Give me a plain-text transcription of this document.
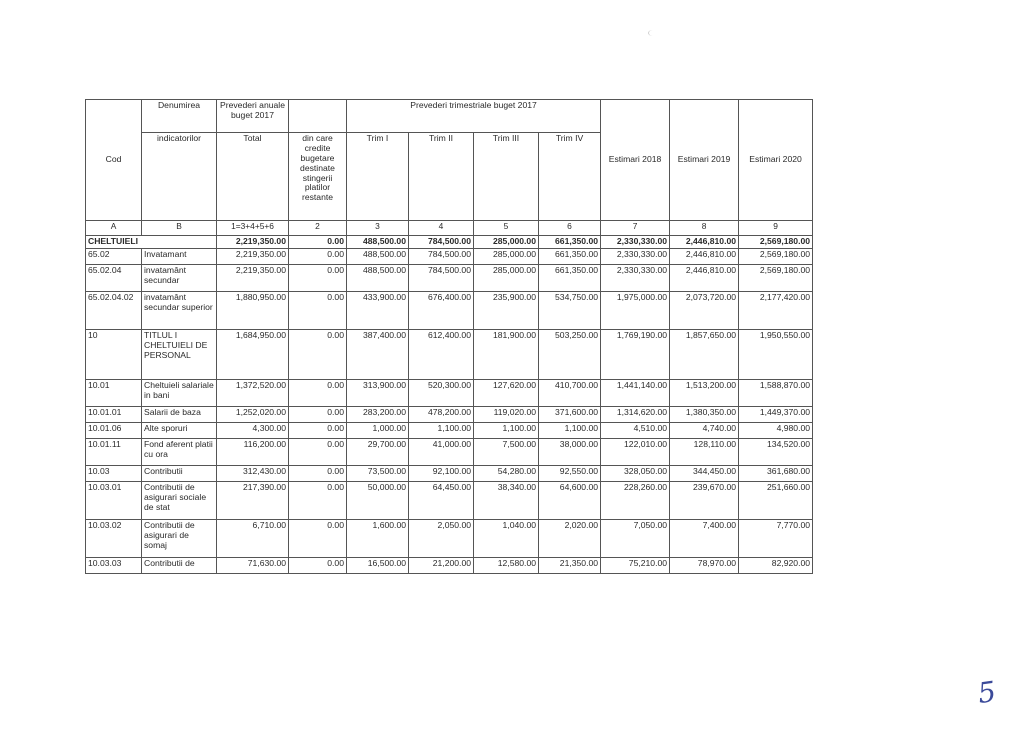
Cod	Denumirea	Prevederi anuale buget 2017		Prevederi trimestriale buget 2017				Estimari 2018	Estimari 2019	Estimari 2020
	indicatorilor	Total	din care credite bugetare destinate stingerii platilor restante	Trim I	Trim II	Trim III	Trim IV			
A	B	1=3+4+5+6	2	3	4	5	6	7	8	9
CHELTUIELI		2,219,350.00	0.00	488,500.00	784,500.00	285,000.00	661,350.00	2,330,330.00	2,446,810.00	2,569,180.00
65.02	Invatamant	2,219,350.00	0.00	488,500.00	784,500.00	285,000.00	661,350.00	2,330,330.00	2,446,810.00	2,569,180.00
65.02.04	invatamânt secundar	2,219,350.00	0.00	488,500.00	784,500.00	285,000.00	661,350.00	2,330,330.00	2,446,810.00	2,569,180.00
65.02.04.02	invatamânt secundar superior	1,880,950.00	0.00	433,900.00	676,400.00	235,900.00	534,750.00	1,975,000.00	2,073,720.00	2,177,420.00
10	TITLUL I CHELTUIELI DE PERSONAL	1,684,950.00	0.00	387,400.00	612,400.00	181,900.00	503,250.00	1,769,190.00	1,857,650.00	1,950,550.00
10.01	Cheltuieli salariale in bani	1,372,520.00	0.00	313,900.00	520,300.00	127,620.00	410,700.00	1,441,140.00	1,513,200.00	1,588,870.00
10.01.01	Salarii de baza	1,252,020.00	0.00	283,200.00	478,200.00	119,020.00	371,600.00	1,314,620.00	1,380,350.00	1,449,370.00
10.01.06	Alte sporuri	4,300.00	0.00	1,000.00	1,100.00	1,100.00	1,100.00	4,510.00	4,740.00	4,980.00
10.01.11	Fond aferent platii cu ora	116,200.00	0.00	29,700.00	41,000.00	7,500.00	38,000.00	122,010.00	128,110.00	134,520.00
10.03	Contributii	312,430.00	0.00	73,500.00	92,100.00	54,280.00	92,550.00	328,050.00	344,450.00	361,680.00
10.03.01	Contributii de asigurari sociale de stat	217,390.00	0.00	50,000.00	64,450.00	38,340.00	64,600.00	228,260.00	239,670.00	251,660.00
10.03.02	Contributii de asigurari de somaj	6,710.00	0.00	1,600.00	2,050.00	1,040.00	2,020.00	7,050.00	7,400.00	7,770.00
10.03.03	Contributii de	71,630.00	0.00	16,500.00	21,200.00	12,580.00	21,350.00	75,210.00	78,970.00	82,920.00
5
